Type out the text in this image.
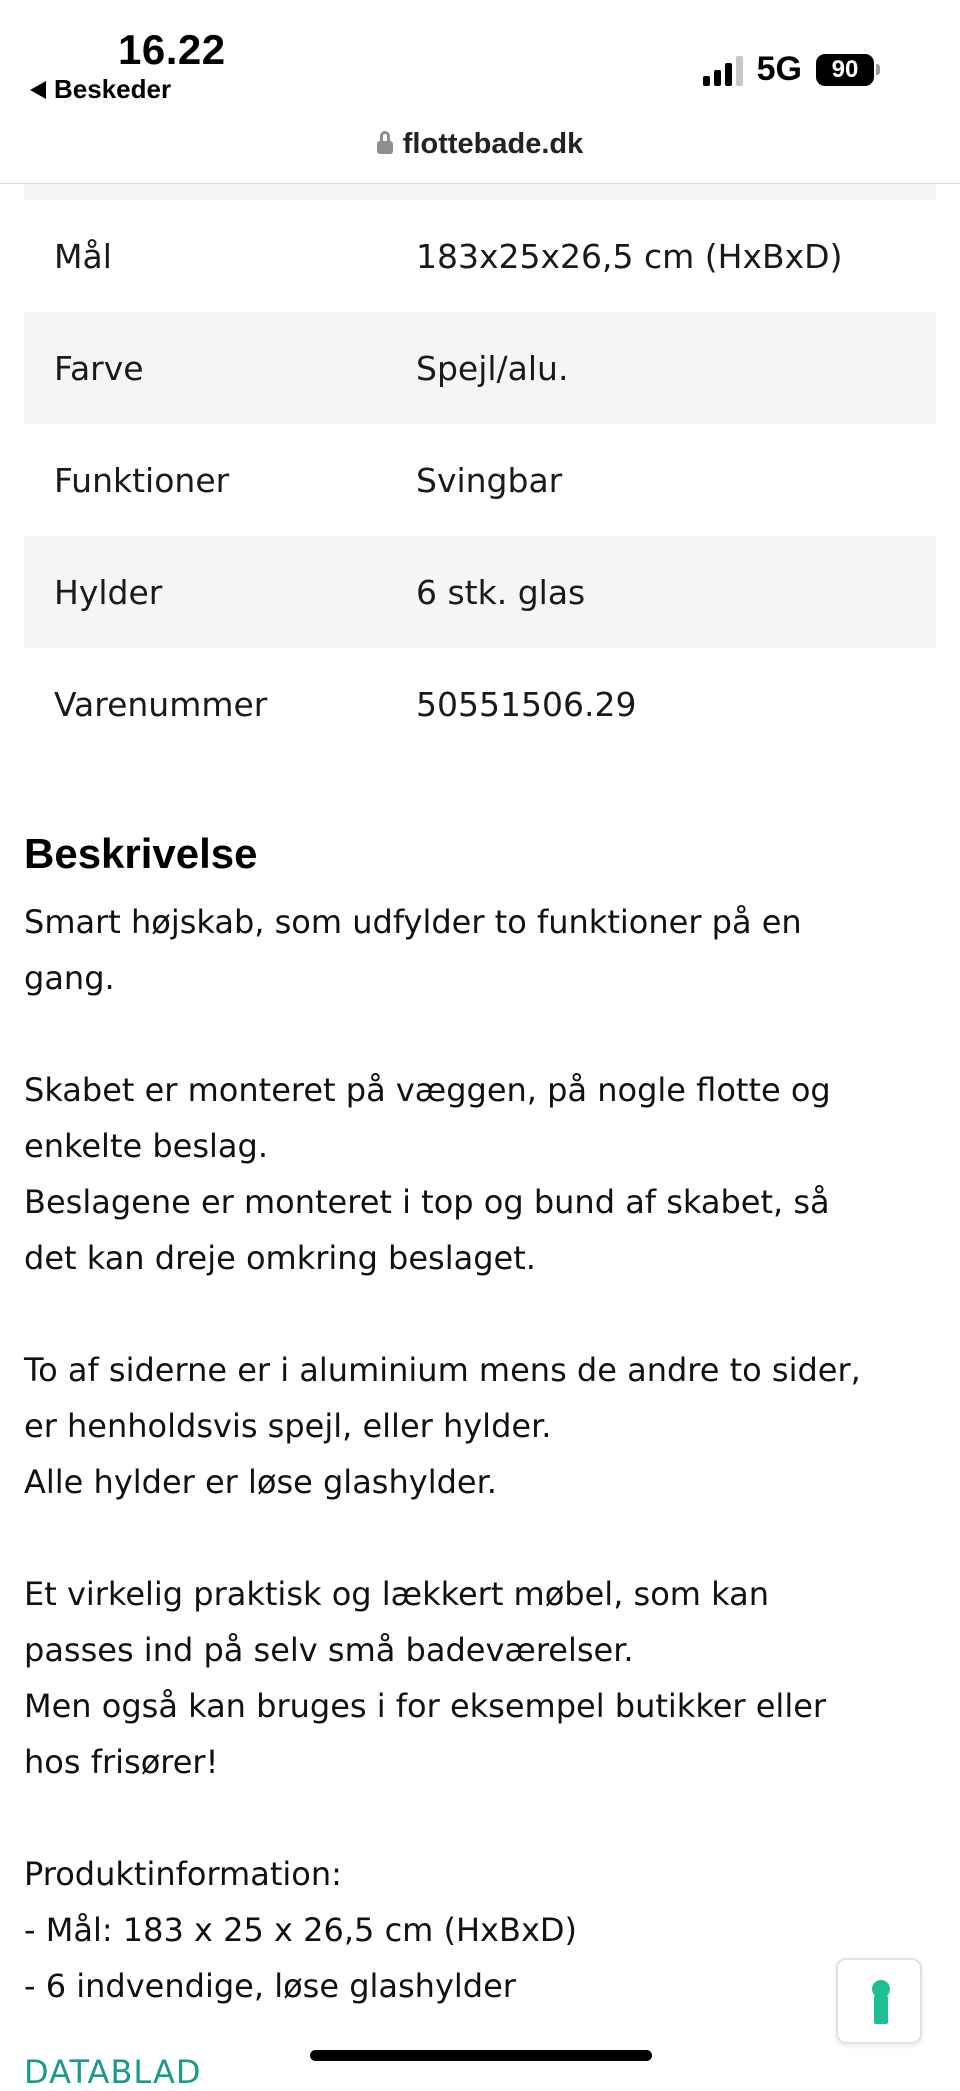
16.22
Beskeder
5G	90
flottebade.dk
Mål	183x25x26,5 cm (HxBxD)
Farve	Spejl/alu.
Funktioner	Svingbar
Hylder	6 stk. glas
Varenummer	50551506.29
Beskrivelse
Smart højskab, som udfylder to funktioner på en
gang.
Skabet er monteret på væggen, på nogle flotte og
enkelte beslag.
Beslagene er monteret i top og bund af skabet, så
det kan dreje omkring beslaget.
To af siderne er i aluminium mens de andre to sider,
er henholdsvis spejl, eller hylder.
Alle hylder er løse glashylder.
Et virkelig praktisk og lækkert møbel, som kan
passes ind på selv små badeværelser.
Men også kan bruges i for eksempel butikker eller
hos frisører!
Produktinformation:
- Mål: 183 x 25 x 26,5 cm (HxBxD)
- 6 indvendige, løse glashylder
DATABLAD
